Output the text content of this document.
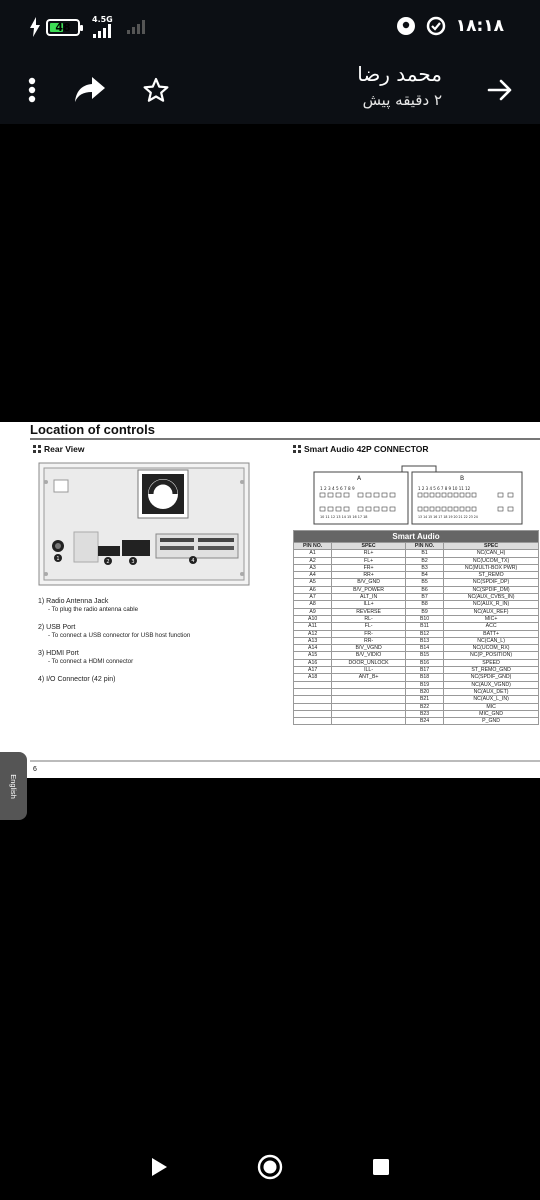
48
4.5G	۱۸:۱۸
محمد رضا
۲ دقیقه پیش
Location of controls
English
Rear View
1	2	3	4
1) Radio Antenna Jack
- To plug the radio antenna cable
2) USB Port
- To connect a USB connector for USB host function
3) HDMI Port
- To connect a HDMI connector
4) I/O Connector (42 pin)
Smart Audio 42P CONNECTOR
A	B
1 2 3 4 5 6 7 8 9
10 11 12 13 14 15 16 17 18
1 2 3 4 5 6 7 8 9 10 11 12
13 14 15 16 17 18 19 20 21 22 23 24
Smart Audio			
PIN NO.	SPEC	PIN NO.	SPEC
A1	RL+	B1	NC(CAN_H)
A2	FL+	B2	NC(UCOM_TX)
A3	FR+	B3	NC(MULTI-BOX PWR)
A4	RR+	B4	ST_REMO
A5	B/V_GND	B5	NC(SPDIF_DP)
A6	B/V_POWER	B6	NC(SPDIF_DM)
A7	ALT_IN	B7	NC(AUX_CVBS_IN)
A8	ILL+	B8	NC(AUX_R_IN)
A9	REVERSE	B9	NC(AUX_REF)
A10	RL-	B10	MIC+
A11	FL-	B11	ACC
A12	FR-	B12	BATT+
A13	RR-	B13	NC(CAN_L)
A14	B/V_VGND	B14	NC(UCOM_RX)
A15	B/V_VIDIO	B15	NC(P_POSITION)
A16	DOOR_UNLOCK	B16	SPEED
A17	ILL-	B17	ST_REMO_GND
A18	ANT_B+	B18	NC(SPDIF_GND)
		B19	NC(AUX_VGND)
		B20	NC(AUX_DET)
		B21	NC(AUX_L_IN)
		B22	MIC
		B23	MIC_GND
		B24	P_GND
6
